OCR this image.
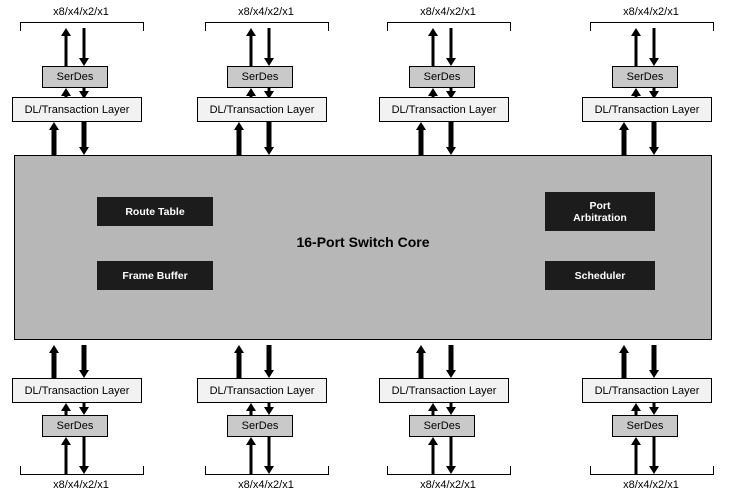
x8/x4/x2/x1
SerDes
DL/Transaction Layer
x8/x4/x2/x1
SerDes
DL/Transaction Layer
x8/x4/x2/x1
SerDes
DL/Transaction Layer
x8/x4/x2/x1
SerDes
DL/Transaction Layer
16-Port Switch Core
Route Table
Frame Buffer
Port
Arbitration
Scheduler
DL/Transaction Layer
SerDes
x8/x4/x2/x1
DL/Transaction Layer
SerDes
x8/x4/x2/x1
DL/Transaction Layer
SerDes
x8/x4/x2/x1
DL/Transaction Layer
SerDes
x8/x4/x2/x1
